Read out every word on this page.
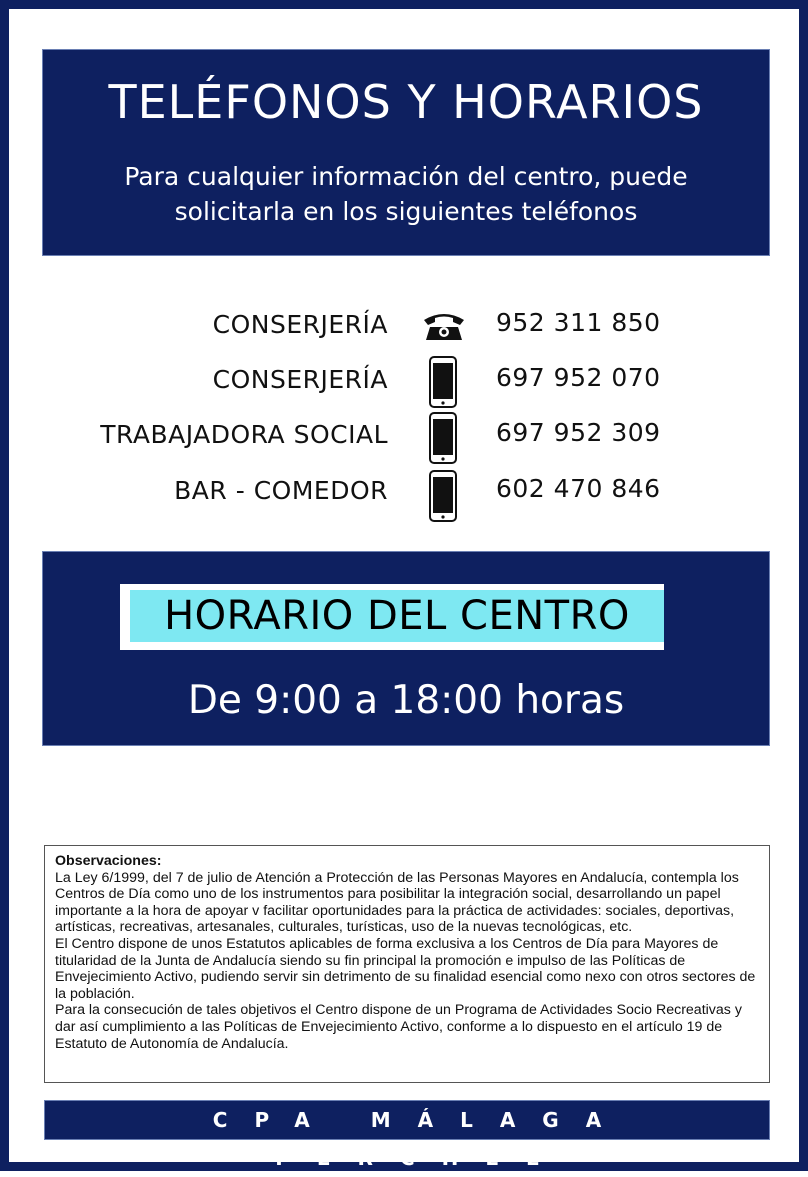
TELÉFONOS Y HORARIOS
Para cualquier información del centro, puede
solicitarla en los siguientes teléfonos
CONSERJERÍA	952 311 850
CONSERJERÍA	697 952 070
TRABAJADORA SOCIAL	697 952 309
BAR - COMEDOR	602 470 846
HORARIO DEL CENTRO
De 9:00 a 18:00 horas
Observaciones:
La Ley 6/1999, del 7 de julio de Atención a Protección de las Personas Mayores en Andalucía, contempla los Centros de Día como uno de los instrumentos para posibilitar la integración social, desarrollando un papel importante a la hora de apoyar v facilitar oportunidades para la práctica de actividades: sociales, deportivas, artísticas, recreativas, artesanales, culturales, turísticas, uso de la nuevas tecnológicas, etc.
El Centro dispone de unos Estatutos aplicables de forma exclusiva a los Centros de Día para Mayores de titularidad de la Junta de Andalucía siendo su fin principal la promoción e impulso de las Políticas de Envejecimiento Activo, pudiendo servir sin detrimento de su finalidad esencial como nexo con otros sectores de la población.
Para la consecución de tales objetivos el Centro dispone de un Programa de Actividades Socio Recreativas y dar así cumplimiento a las Políticas de Envejecimiento Activo, conforme a lo dispuesto en el artículo 19 de Estatuto de Autonomía de Andalucía.
CPA MÁLAGA PERCHEL
